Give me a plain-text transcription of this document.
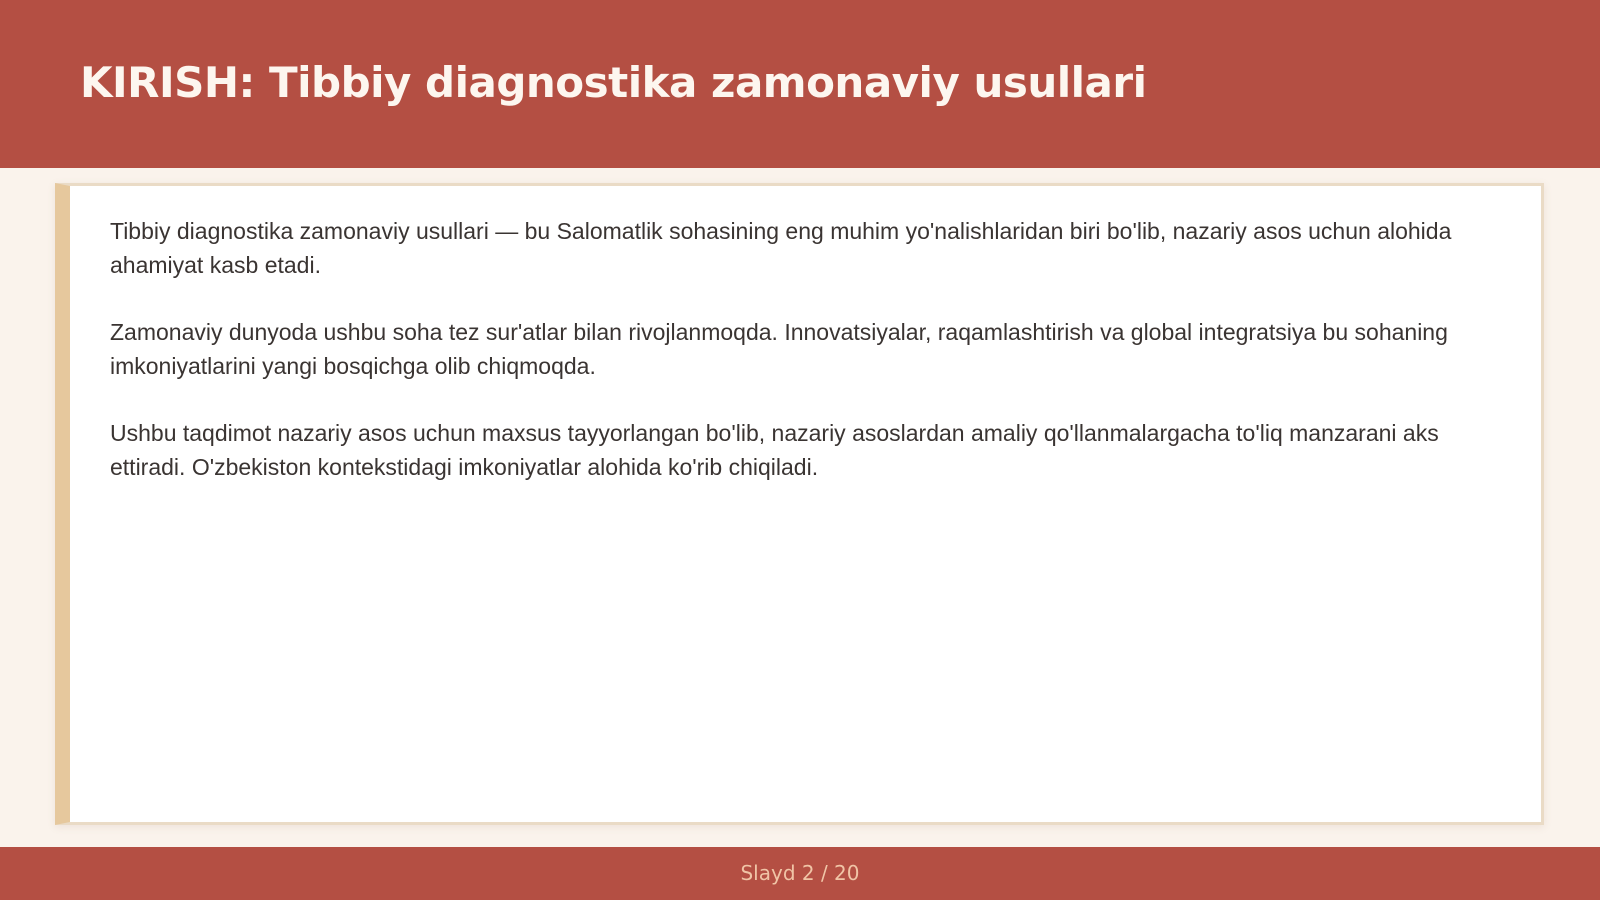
KIRISH: Tibbiy diagnostika zamonaviy usullari

Tibbiy diagnostika zamonaviy usullari — bu Salomatlik sohasining eng muhim yo'nalishlaridan biri bo'lib, nazariy asos uchun alohida ahamiyat kasb etadi.

Zamonaviy dunyoda ushbu soha tez sur'atlar bilan rivojlanmoqda. Innovatsiyalar, raqamlashtirish va global integratsiya bu sohaning imkoniyatlarini yangi bosqichga olib chiqmoqda.

Ushbu taqdimot nazariy asos uchun maxsus tayyorlangan bo'lib, nazariy asoslardan amaliy qo'llanmalargacha to'liq manzarani aks ettiradi. O'zbekiston kontekstidagi imkoniyatlar alohida ko'rib chiqiladi.

Slayd 2 / 20
